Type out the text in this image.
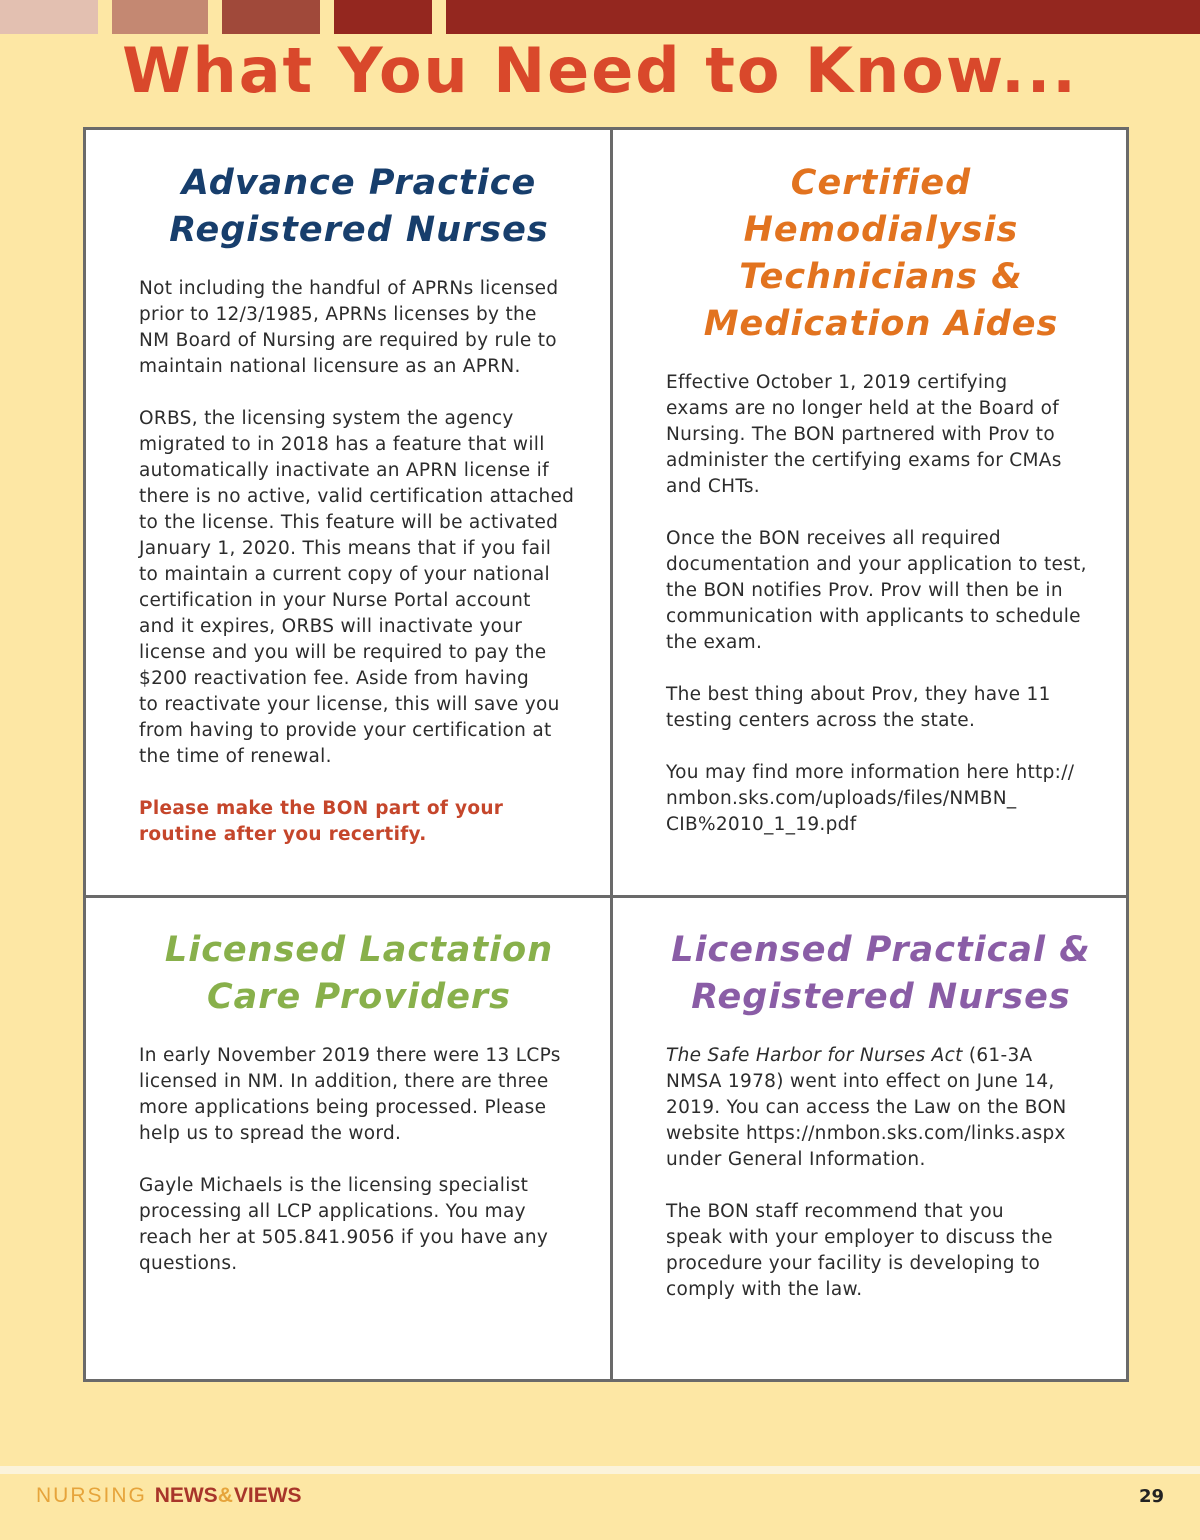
What You Need to Know...
Advance Practice
Registered Nurses
Not including the handful of APRNs licensed
prior to 12/3/1985, APRNs licenses by the
NM Board of Nursing are required by rule to
maintain national licensure as an APRN.
ORBS, the licensing system the agency
migrated to in 2018 has a feature that will
automatically inactivate an APRN license if
there is no active, valid certification attached
to the license. This feature will be activated
January 1, 2020. This means that if you fail
to maintain a current copy of your national
certification in your Nurse Portal account
and it expires, ORBS will inactivate your
license and you will be required to pay the
$200 reactivation fee. Aside from having
to reactivate your license, this will save you
from having to provide your certification at
the time of renewal.
Please make the BON part of your
routine after you recertify.
Certified Hemodialysis
Technicians &
Medication Aides
Effective October 1, 2019 certifying
exams are no longer held at the Board of
Nursing. The BON partnered with Prov to
administer the certifying exams for CMAs
and CHTs.
Once the BON receives all required
documentation and your application to test,
the BON notifies Prov. Prov will then be in
communication with applicants to schedule
the exam.
The best thing about Prov, they have 11
testing centers across the state.
You may find more information here http://
nmbon.sks.com/uploads/files/NMBN_
CIB%2010_1_19.pdf
Licensed Lactation
Care Providers
In early November 2019 there were 13 LCPs
licensed in NM. In addition, there are three
more applications being processed. Please
help us to spread the word.
Gayle Michaels is the licensing specialist
processing all LCP applications. You may
reach her at 505.841.9056 if you have any
questions.
Licensed Practical &
Registered Nurses
The Safe Harbor for Nurses Act (61-3A
NMSA 1978) went into effect on June 14,
2019. You can access the Law on the BON
website https://nmbon.sks.com/links.aspx
under General Information.
The BON staff recommend that you
speak with your employer to discuss the
procedure your facility is developing to
comply with the law.
NURSING NEWS&VIEWS	29
